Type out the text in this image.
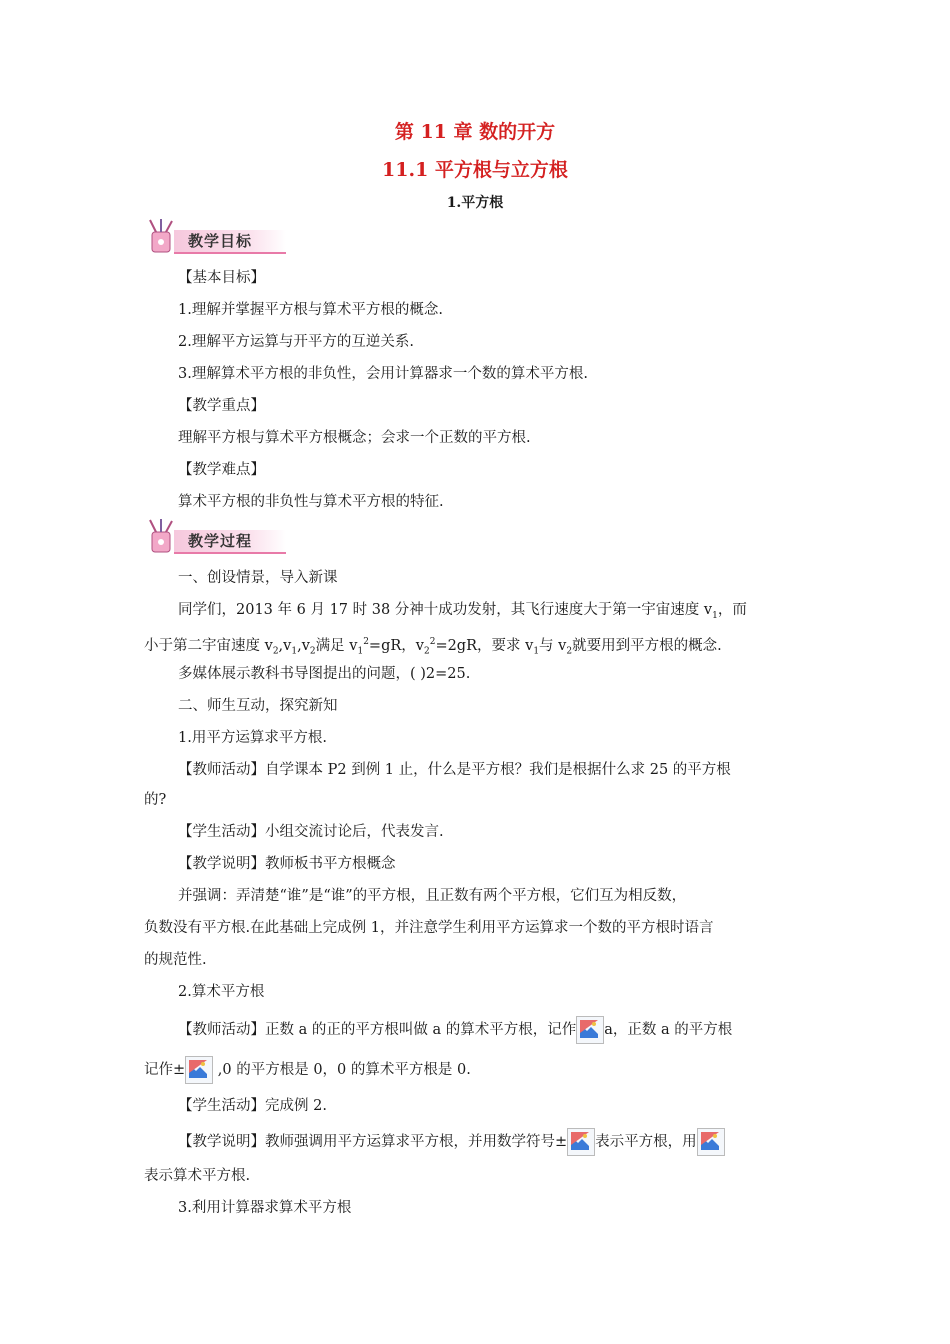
第 11 章 数的开方
11.1 平方根与立方根
1.平方根
教学目标
【基本目标】
1.理解并掌握平方根与算术平方根的概念.
2.理解平方运算与开平方的互逆关系.
3.理解算术平方根的非负性，会用计算器求一个数的算术平方根.
【教学重点】
理解平方根与算术平方根概念；会求一个正数的平方根.
【教学难点】
算术平方根的非负性与算术平方根的特征.
教学过程
一、创设情景，导入新课
同学们，2013 年 6 月 17 时 38 分神十成功发射，其飞行速度大于第一宇宙速度 $v_1$，而
小于第二宇宙速度 $v_2,v_1,v_2$满足 $v_1^2=gR$，$v_2^2=2gR$，要求 $v_1$与 $v_2$就要用到平方根的概念.
多媒体展示教科书导图提出的问题，( )2=25.
二、师生互动，探究新知
1.用平方运算求平方根.
【教师活动】自学课本 P2 到例 1 止，什么是平方根？我们是根据什么求 25 的平方根
的?
【学生活动】小组交流讨论后，代表发言.
【教学说明】教师板书平方根概念
并强调：弄清楚“谁”是“谁”的平方根，且正数有两个平方根，它们互为相反数，
负数没有平方根.在此基础上完成例 1，并注意学生利用平方运算求一个数的平方根时语言
的规范性.
2.算术平方根
【教师活动】正数 a 的正的平方根叫做 a 的算术平方根，记作 a，正数 a 的平方根
记作±
,0 的平方根是 0，0 的算术平方根是 0.
【学生活动】完成例 2.
【教学说明】教师强调用平方运算求平方根，并用数学符号± 表示平方根，用
表示算术平方根.
3.利用计算器求算术平方根
